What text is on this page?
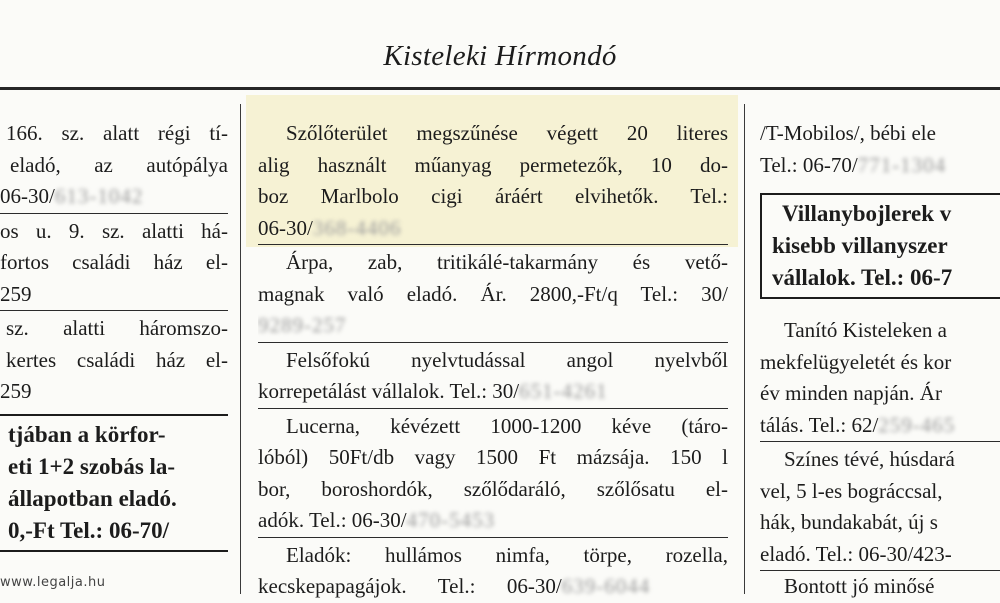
Kisteleki Hírmondó
166. sz. alatt régi tí-
eladó, az autópálya
06-30/613-1042
os u. 9. sz. alatti há-
fortos családi ház el-
259
sz. alatti háromszo-
kertes családi ház el-
259
tjában a körfor-
eti 1+2 szobás la-
állapotban eladó.
0,-Ft Tel.: 06-70/
Szőlőterület megszűnése végett 20 literes
alig használt műanyag permetezők, 10 do-
boz Marlbolo cigi áráért elvihetők. Tel.:
06-30/368-4406
Árpa, zab, tritikálé-takarmány és vető-
magnak való eladó. Ár. 2800,-Ft/q Tel.: 30/
9289-257
Felsőfokú nyelvtudással angol nyelvből
korrepetálást vállalok. Tel.: 30/651-4261
Lucerna, kévézett 1000-1200 kéve (táro-
lóból) 50Ft/db vagy 1500 Ft mázsája. 150 l
bor, boroshordók, szőlődaráló, szőlősatu el-
adók. Tel.: 06-30/470-5453
Eladók: hullámos nimfa, törpe, rozella,
kecskepapagájok.      Tel.:      06-30/639-6044
/T-Mobilos/, bébi ele
Tel.: 06-70/771-1304
Villanybojlerek v
kisebb villanyszer
vállalok. Tel.: 06-7
Tanító Kisteleken a
mekfelügyeletét és kor
év minden napján. Ár
tálás. Tel.: 62/259-465
Színes tévé, húsdará
vel, 5 l-es bográccsal,
hák, bundakabát, új s
eladó. Tel.: 06-30/423-
Bontott jó minősé
www.legalja.hu
